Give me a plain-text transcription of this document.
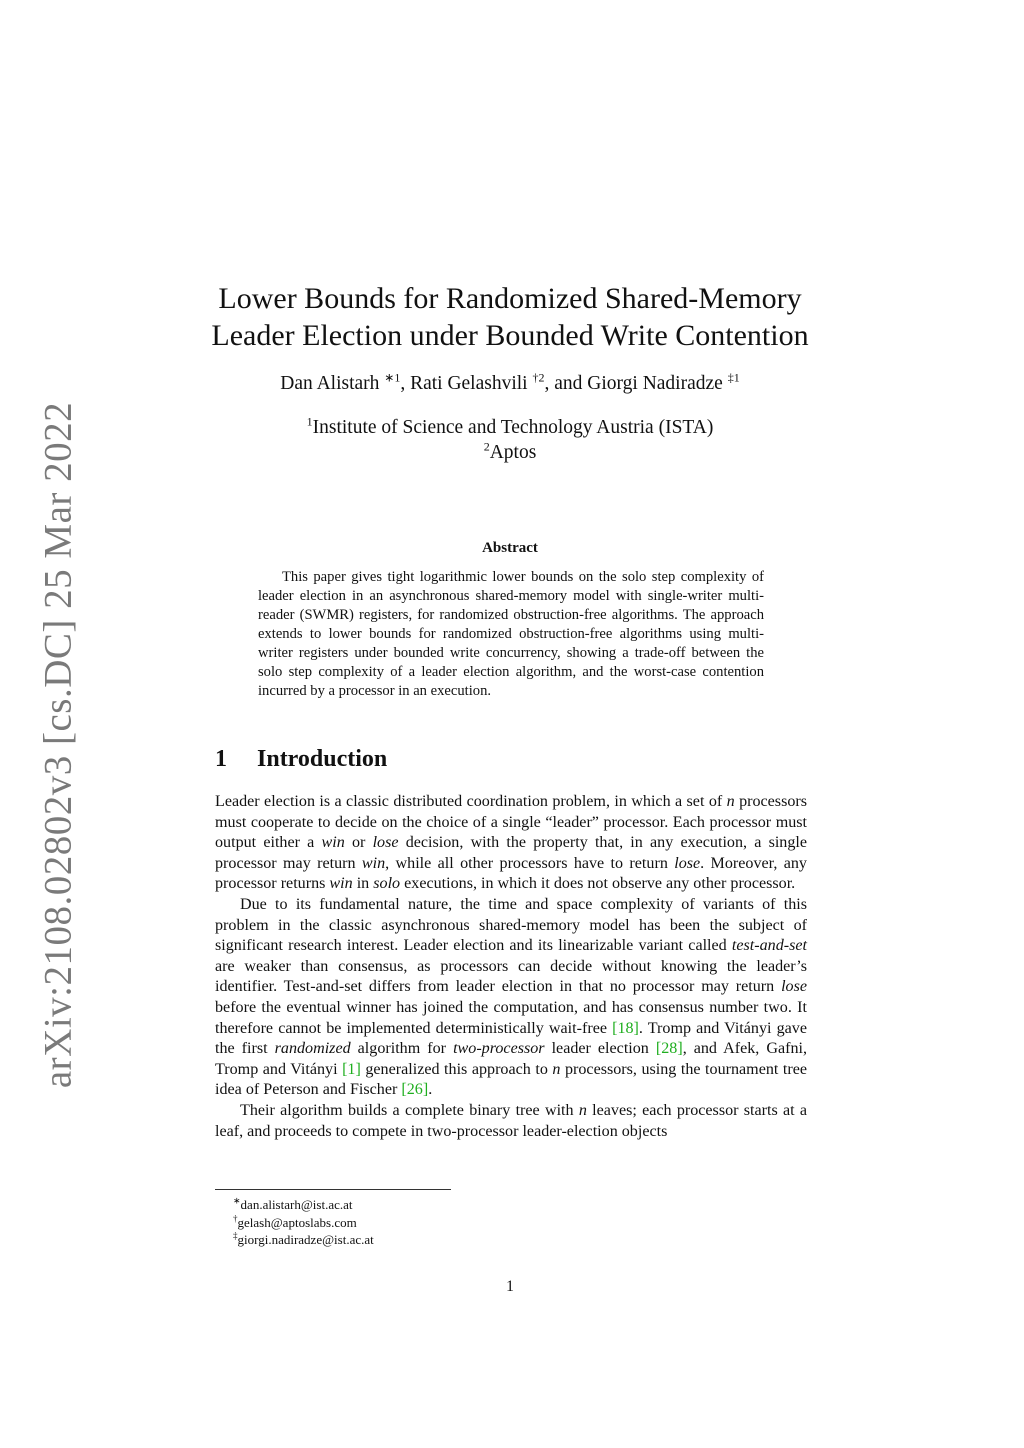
arXiv:2108.02802v3 [cs.DC] 25 Mar 2022
Lower Bounds for Randomized Shared-Memory
Leader Election under Bounded Write Contention
Dan Alistarh $^{∗1}$, Rati Gelashvili $^{\dagger 2}$, and Giorgi Nadiradze $^{\ddagger 1}$
$^1$Institute of Science and Technology Austria (ISTA)
$^2$Aptos
Abstract
This paper gives tight logarithmic lower bounds on the solo step complexity of leader election in an asynchronous shared-memory model with single-writer multi-reader (SWMR) registers, for randomized obstruction-free algorithms. The approach extends to lower bounds for randomized obstruction-free algorithms using multi-writer registers under bounded write concurrency, showing a trade-off between the solo step complexity of a leader election algorithm, and the worst-case contention incurred by a processor in an execution.
1 Introduction

Leader election is a classic distributed coordination problem, in which a set of n processors must cooperate to decide on the choice of a single “leader” processor. Each processor must output either a win or lose decision, with the property that, in any execution, a single processor may return win, while all other processors have to return lose. Moreover, any processor returns win in solo executions, in which it does not observe any other processor.

Due to its fundamental nature, the time and space complexity of variants of this problem in the classic asynchronous shared-memory model has been the subject of significant research interest. Leader election and its linearizable variant called test-and-set are weaker than consensus, as processors can decide without knowing the leader’s identifier. Test-and-set differs from leader election in that no processor may return lose before the eventual winner has joined the computation, and has consensus number two. It therefore cannot be implemented deterministically wait-free [18]. Tromp and Vitányi gave the first randomized algorithm for two-processor leader election [28], and Afek, Gafni, Tromp and Vitányi [1] generalized this approach to n processors, using the tournament tree idea of Peterson and Fischer [26].

Their algorithm builds a complete binary tree with n leaves; each processor starts at a leaf, and proceeds to compete in two-processor leader-election objects

∗dan.alistarh@ist.ac.at
†gelash@aptoslabs.com
‡giorgi.nadiradze@ist.ac.at
1
